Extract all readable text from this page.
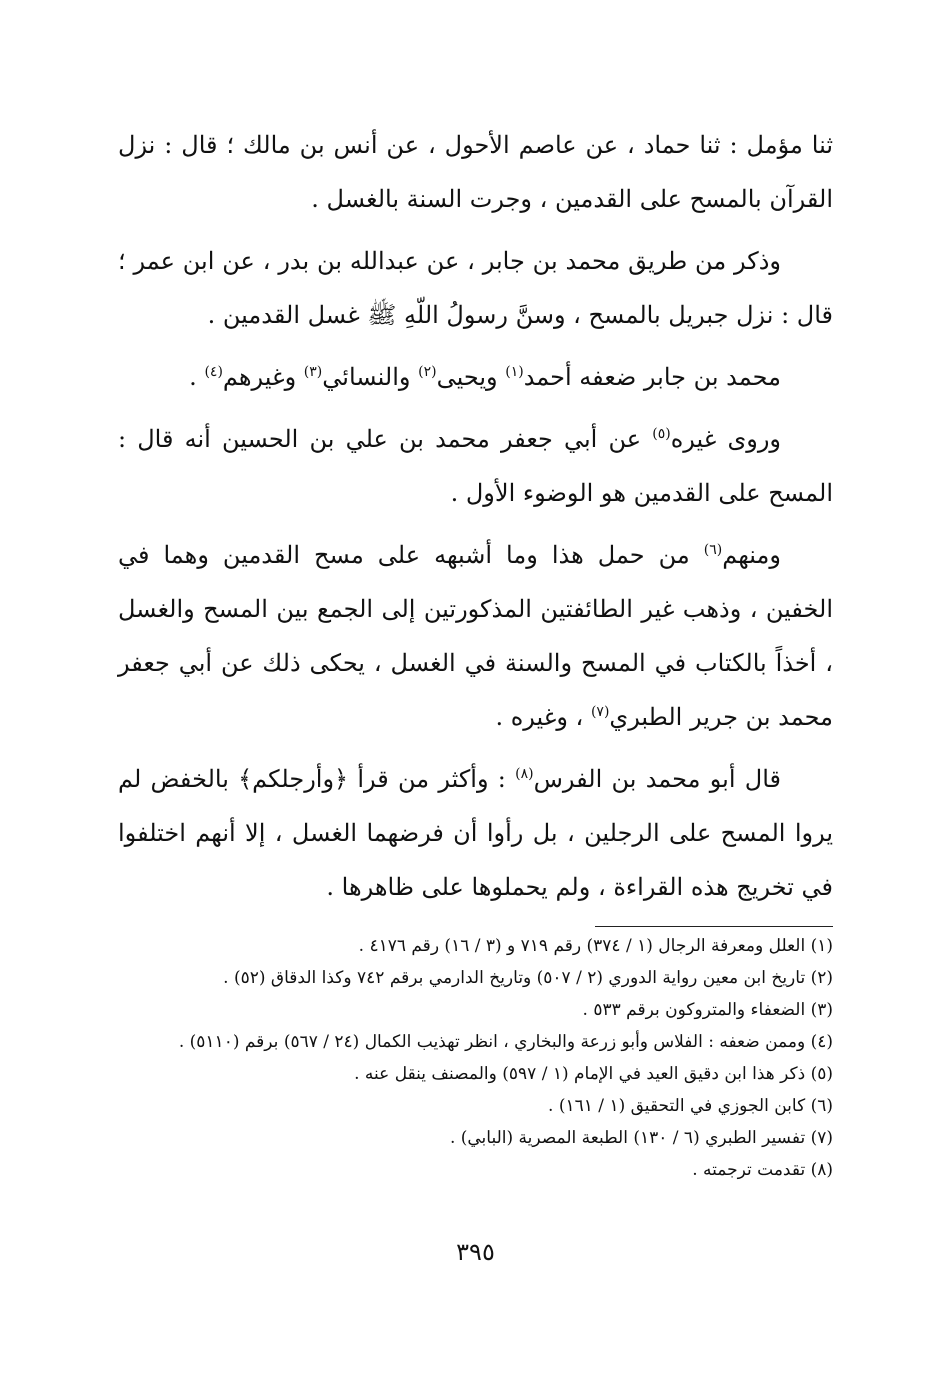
ثنا مؤمل : ثنا حماد ، عن عاصم الأحول ، عن أنس بن مالك ؛ قال : نزل القرآن بالمسح على القدمين ، وجرت السنة بالغسل .

وذكر من طريق محمد بن جابر ، عن عبدالله بن بدر ، عن ابن عمر ؛ قال : نزل جبريل بالمسح ، وسنَّ رسولُ اللّهِ ﷺ غسل القدمين .

محمد بن جابر ضعفه أحمد$^{(١)}$ ويحيى$^{(٢)}$ والنسائي$^{(٣)}$ وغيرهم$^{(٤)}$ .

وروى غيره$^{(٥)}$ عن أبي جعفر محمد بن علي بن الحسين أنه قال : المسح على القدمين هو الوضوء الأول .

ومنهم$^{(٦)}$ من حمل هذا وما أشبهه على مسح القدمين وهما في الخفين ، وذهب غير الطائفتين المذكورتين إلى الجمع بين المسح والغسل ، أخذاً بالكتاب في المسح والسنة في الغسل ، يحكى ذلك عن أبي جعفر محمد بن جرير الطبري$^{(٧)}$ ، وغيره .

قال أبو محمد بن الفرس$^{(٨)}$ : وأكثر من قرأ ﴿وأرجلكم﴾ بالخفض لم يروا المسح على الرجلين ، بل رأوا أن فرضهما الغسل ، إلا أنهم اختلفوا في تخريج هذه القراءة ، ولم يحملوها على ظاهرها .

(١) العلل ومعرفة الرجال (١ / ٣٧٤) رقم ٧١٩ و (٣ / ١٦) رقم ٤١٧٦ .
(٢) تاريخ ابن معين رواية الدوري (٢ / ٥٠٧) وتاريخ الدارمي برقم ٧٤٢ وكذا الدقاق (٥٢) .
(٣) الضعفاء والمتروكون برقم ٥٣٣ .
(٤) وممن ضعفه : الفلاس وأبو زرعة والبخاري ، انظر تهذيب الكمال (٢٤ / ٥٦٧) برقم (٥١١٠) .
(٥) ذكر هذا ابن دقيق العيد في الإمام (١ / ٥٩٧) والمصنف ينقل عنه .
(٦) كابن الجوزي في التحقيق (١ / ١٦١) .
(٧) تفسير الطبري (٦ / ١٣٠) الطبعة المصرية (البابي) .
(٨) تقدمت ترجمته .
٣٩٥
